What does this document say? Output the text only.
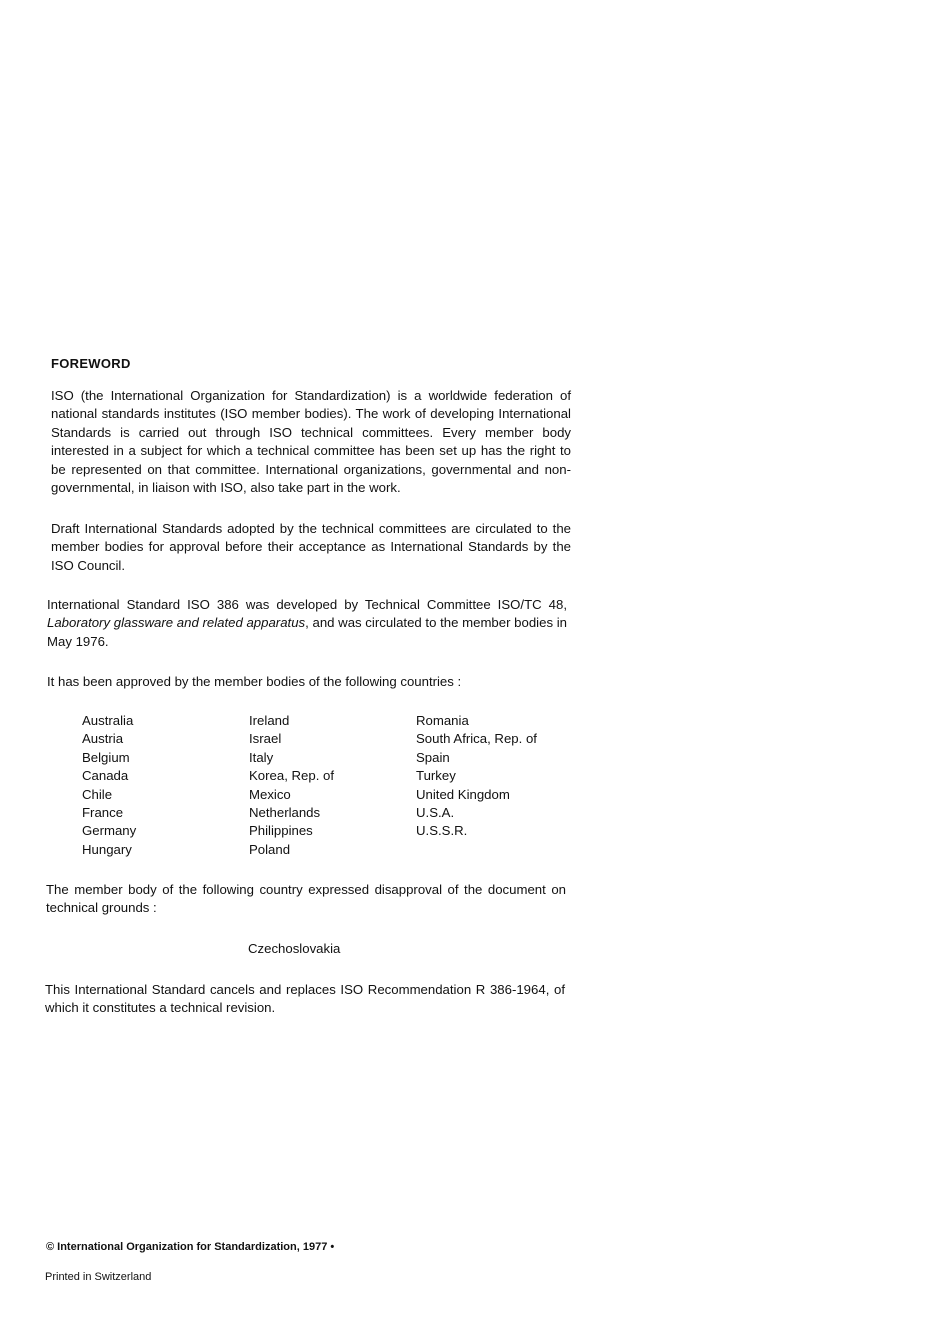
FOREWORD
ISO (the International Organization for Standardization) is a worldwide federation of national standards institutes (ISO member bodies). The work of developing International Standards is carried out through ISO technical committees. Every member body interested in a subject for which a technical committee has been set up has the right to be represented on that committee. International organizations, governmental and non-governmental, in liaison with ISO, also take part in the work.
Draft International Standards adopted by the technical committees are circulated to the member bodies for approval before their acceptance as International Standards by the ISO Council.
International Standard ISO 386 was developed by Technical Committee ISO/TC 48, Laboratory glassware and related apparatus, and was circulated to the member bodies in May 1976.
It has been approved by the member bodies of the following countries :
Australia
Austria
Belgium
Canada
Chile
France
Germany
Hungary
Ireland
Israel
Italy
Korea, Rep. of
Mexico
Netherlands
Philippines
Poland
Romania
South Africa, Rep. of
Spain
Turkey
United Kingdom
U.S.A.
U.S.S.R.
The member body of the following country expressed disapproval of the document on technical grounds :
Czechoslovakia
This International Standard cancels and replaces ISO Recommendation R 386-1964, of which it constitutes a technical revision.
© International Organization for Standardization, 1977 •
Printed in Switzerland
